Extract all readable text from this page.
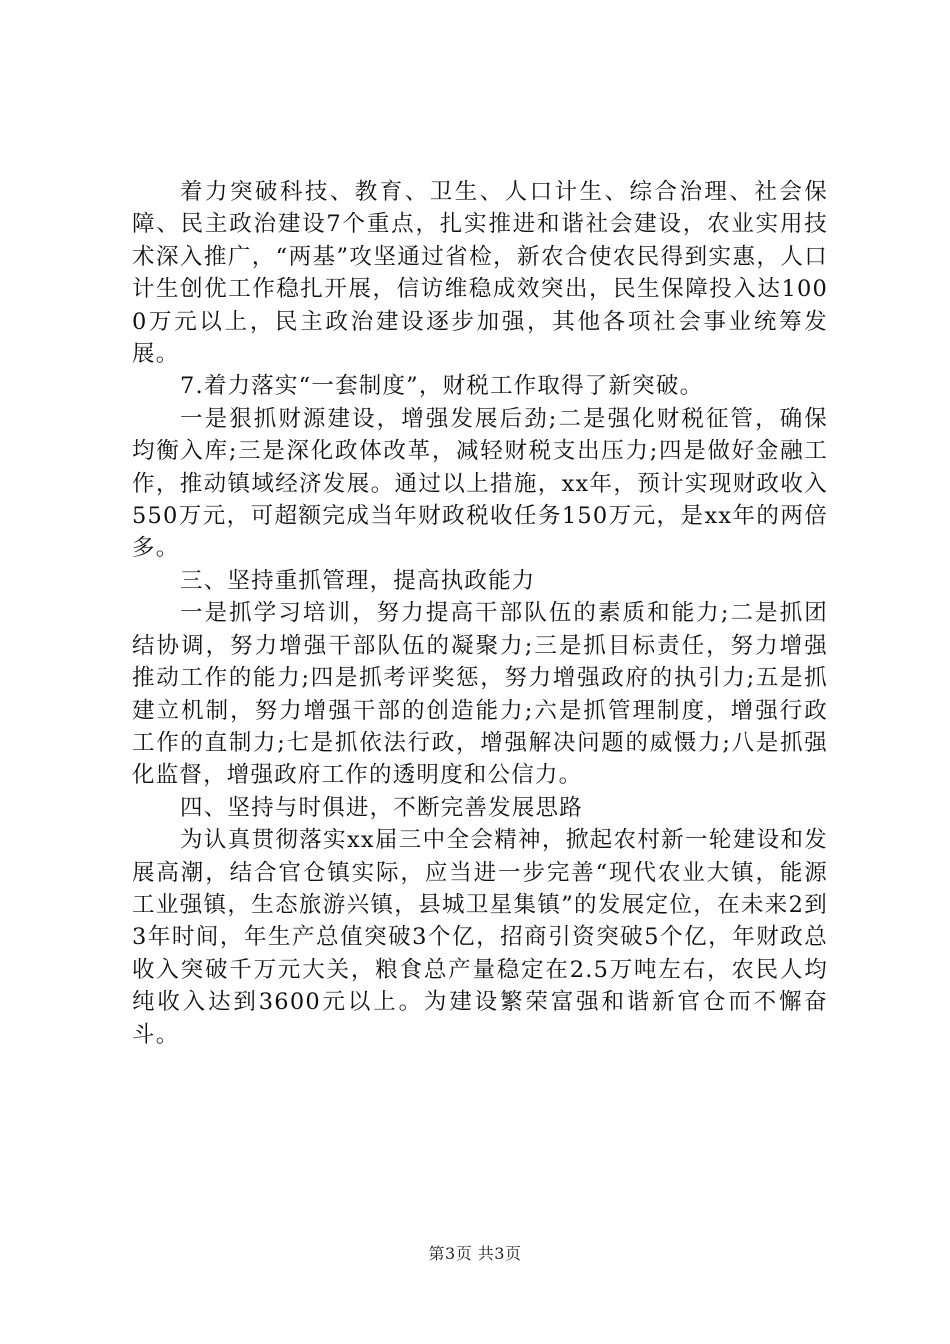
着力突破科技、教育、卫生、人口计生、综合治理、社会保障、民主政治建设7个重点，扎实推进和谐社会建设，农业实用技术深入推广，“两基”攻坚通过省检，新农合使农民得到实惠，人口计生创优工作稳扎开展，信访维稳成效突出，民生保障投入达1000万元以上，民主政治建设逐步加强，其他各项社会事业统筹发展。

7.着力落实“一套制度”，财税工作取得了新突破。

一是狠抓财源建设，增强发展后劲;二是强化财税征管，确保均衡入库;三是深化政体改革，减轻财税支出压力;四是做好金融工作，推动镇域经济发展。通过以上措施，xx年，预计实现财政收入550万元，可超额完成当年财政税收任务150万元，是xx年的两倍多。

三、坚持重抓管理，提高执政能力

一是抓学习培训，努力提高干部队伍的素质和能力;二是抓团结协调，努力增强干部队伍的凝聚力;三是抓目标责任，努力增强推动工作的能力;四是抓考评奖惩，努力增强政府的执引力;五是抓建立机制，努力增强干部的创造能力;六是抓管理制度，增强行政工作的直制力;七是抓依法行政，增强解决问题的威慑力;八是抓强化监督，增强政府工作的透明度和公信力。

四、坚持与时俱进，不断完善发展思路

为认真贯彻落实xx届三中全会精神，掀起农村新一轮建设和发展高潮，结合官仓镇实际，应当进一步完善“现代农业大镇，能源工业强镇，生态旅游兴镇，县城卫星集镇”的发展定位，在未来2到3年时间，年生产总值突破3个亿，招商引资突破5个亿，年财政总收入突破千万元大关，粮食总产量稳定在2.5万吨左右，农民人均纯收入达到3600元以上。为建设繁荣富强和谐新官仓而不懈奋斗。

第3页 共3页
